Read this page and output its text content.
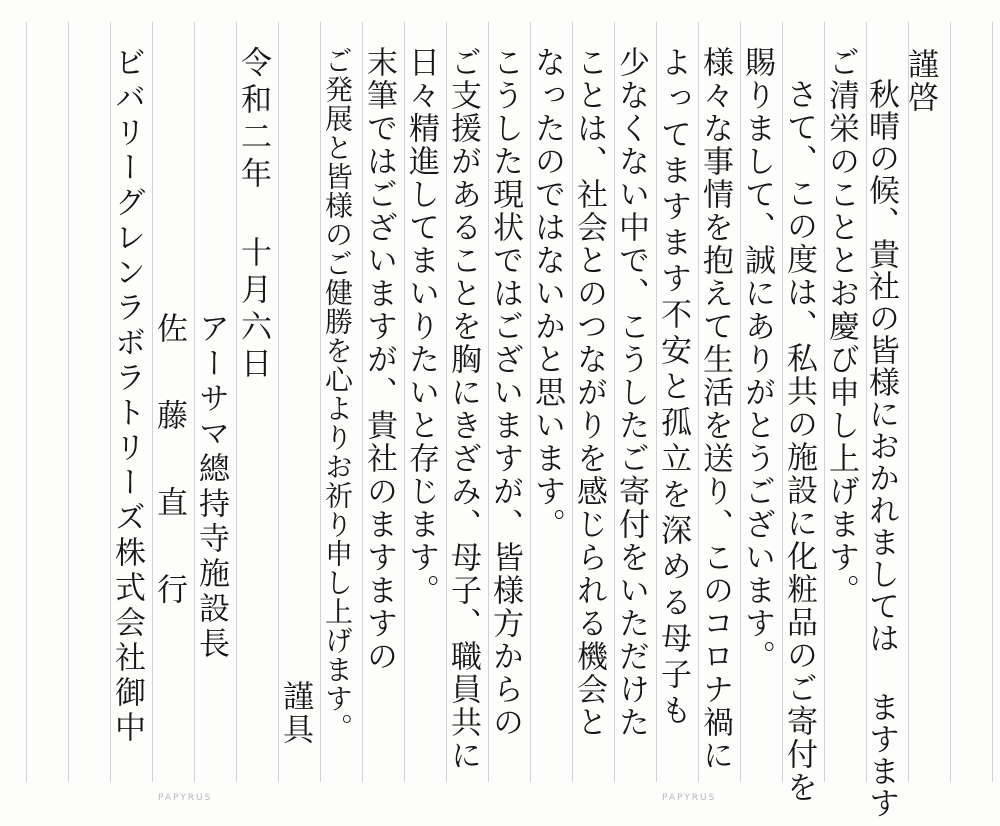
謹啓
秋晴の候、貴社の皆様におかれましては ますます
ご清栄のこととお慶び申し上げます。
さて、この度は、私共の施設に化粧品のご寄付を
賜りまして、誠にありがとうございます。
様々な事情を抱えて生活を送り、このコロナ禍に
よってますます不安と孤立を深める母子も
少なくない中で、こうしたご寄付をいただけた
ことは、社会とのつながりを感じられる機会と
なったのではないかと思います。
こうした現状ではございますが、皆様方からの
ご支援があることを胸にきざみ、母子、職員共に
日々精進してまいりたいと存じます。
末筆ではございますが、貴社のますますの
ご発展と皆様のご健勝を心よりお祈り申し上げます。
謹具
令和二年 十月六日
アーサマ總持寺施設長
佐 藤 直 行
ビバリーグレンラボラトリーズ株式会社御中
PAPYRUS	PAPYRUS
